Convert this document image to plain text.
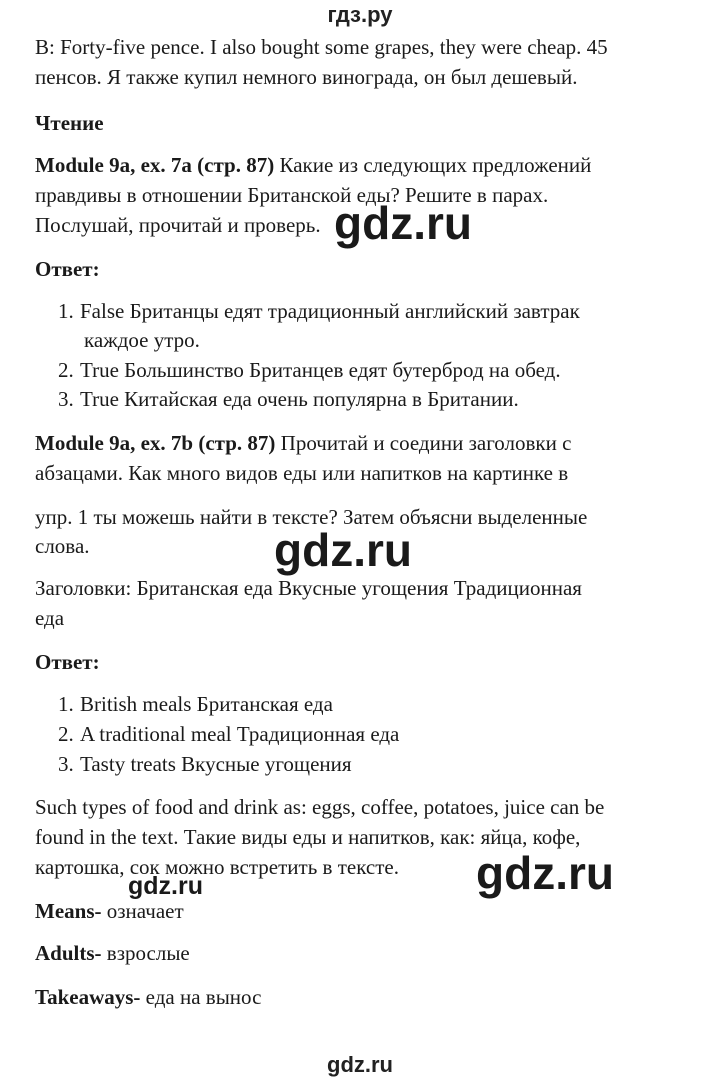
гдз.ру
B: Forty-five pence. I also bought some grapes, they were cheap. 45
пенсов. Я также купил немного винограда, он был дешевый.
Чтение
Module 9a, ex. 7a (стр. 87) Какие из следующих предложений
правдивы в отношении Британской еды? Решите в парах.
Послушай, прочитай и проверь. gdz.ru
Ответ:
1. False Британцы едят традиционный английский завтрак
каждое утро.
2. True Большинство Британцев едят бутерброд на обед.
3. True Китайская еда очень популярна в Британии.
Module 9a, ex. 7b (стр. 87) Прочитай и соедини заголовки с
абзацами. Как много видов еды или напитков на картинке в
упр. 1 ты можешь найти в тексте? Затем объясни выделенные
слова.	gdz.ru
Заголовки: Британская еда Вкусные угощения Традиционная
еда
Ответ:
1. British meals Британская еда
2. A traditional meal Традиционная еда
3. Tasty treats Вкусные угощения
Such types of food and drink as: eggs, coffee, potatoes, juice can be
found in the text. Такие виды еды и напитков, как: яйца, кофе,
картошка, сок можно встретить в тексте. gdz.ru
gdz.ru
Means- означает
Adults- взрослые
Takeaways- еда на вынос
gdz.ru
